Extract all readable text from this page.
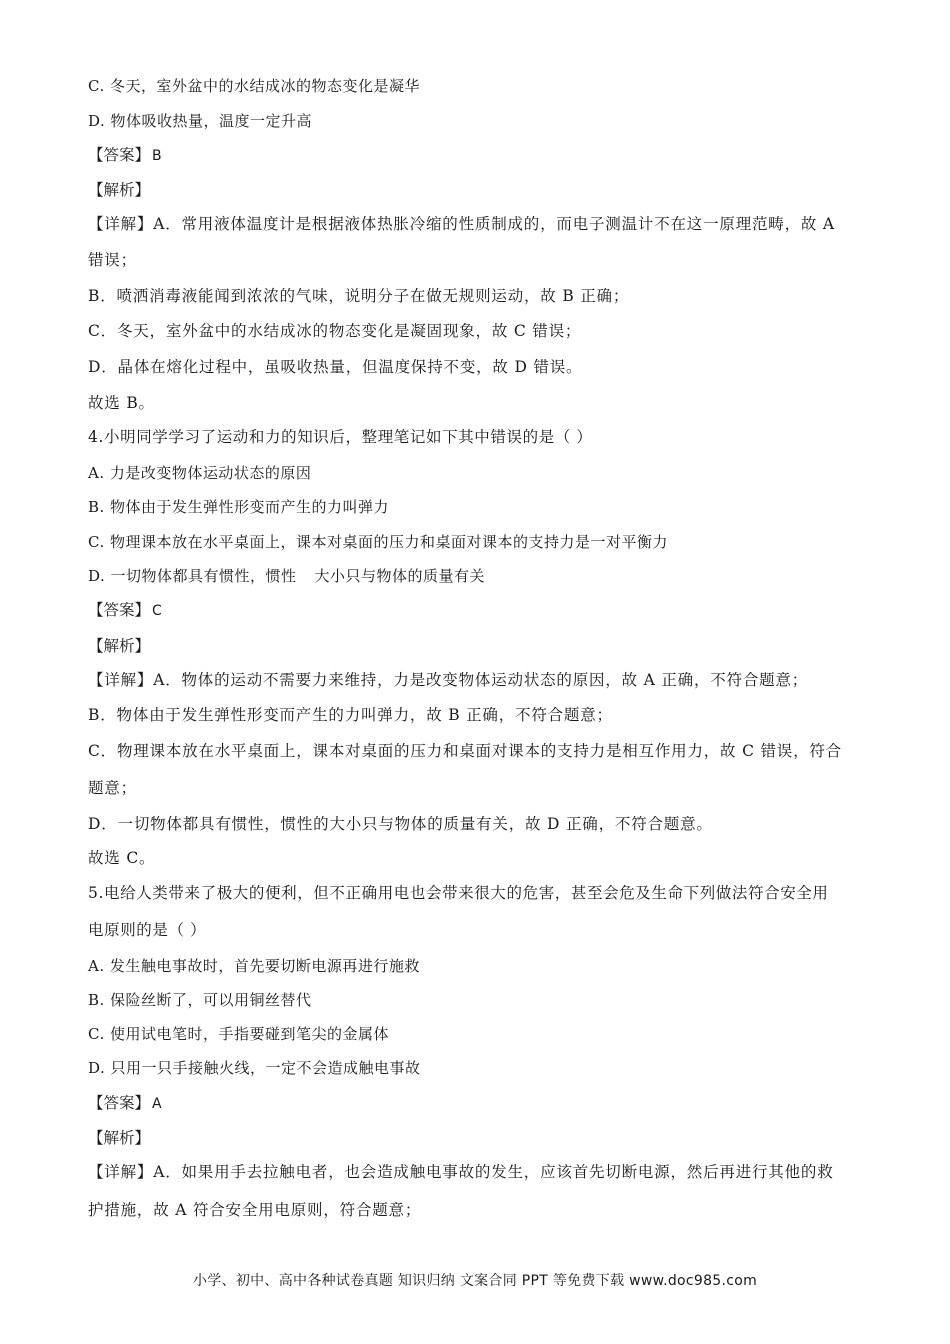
C. 冬天，室外盆中的水结成冰的物态变化是凝华
D. 物体吸收热量，温度一定升高
【答案】 B
【解析】
【详解】A．常用液体温度计是根据液体热胀冷缩的性质制成的，而电子测温计不在这一原理范畴，故 A
错误；
B．喷洒消毒液能闻到浓浓的气味，说明分子在做无规则运动，故 B 正确；
C．冬天，室外盆中的水结成冰的物态变化是凝固现象，故 C 错误；
D．晶体在熔化过程中，虽吸收热量，但温度保持不变，故 D 错误。
故选 B。
4.小明同学学习了运动和力的知识后，整理笔记如下其中错误的是（ ）
A. 力是改变物体运动状态的原因
B. 物体由于发生弹性形变而产生的力叫弹力
C. 物理课本放在水平桌面上，课本对桌面的压力和桌面对课本的支持力是一对平衡力
D. 一切物体都具有惯性，惯性 大小只与物体的质量有关
【答案】 C
【解析】
【详解】A．物体的运动不需要力来维持，力是改变物体运动状态的原因，故 A 正确，不符合题意；
B．物体由于发生弹性形变而产生的力叫弹力，故 B 正确，不符合题意；
C．物理课本放在水平桌面上，课本对桌面的压力和桌面对课本的支持力是相互作用力，故 C 错误，符合
题意；
D．一切物体都具有惯性，惯性的大小只与物体的质量有关，故 D 正确，不符合题意。
故选 C。
5.电给人类带来了极大的便利，但不正确用电也会带来很大的危害，甚至会危及生命下列做法符合安全用
电原则的是（ ）
A. 发生触电事故时，首先要切断电源再进行施救
B. 保险丝断了，可以用铜丝替代
C. 使用试电笔时，手指要碰到笔尖的金属体
D. 只用一只手接触火线，一定不会造成触电事故
【答案】 A
【解析】
【详解】A．如果用手去拉触电者，也会造成触电事故的发生，应该首先切断电源，然后再进行其他的救
护措施，故 A 符合安全用电原则，符合题意；
小学、初中、高中各种试卷真题 知识归纳 文案合同 PPT 等免费下载 www.doc985.com
